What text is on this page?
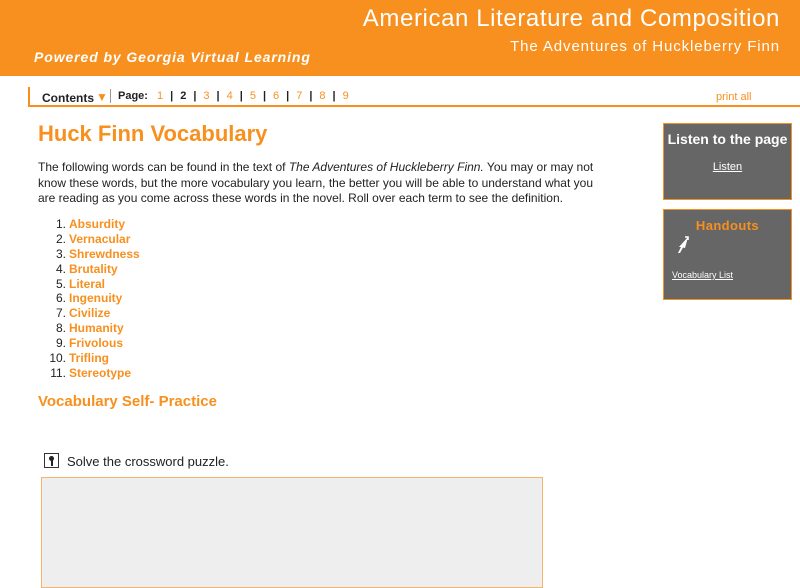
American Literature and Composition
The Adventures of Huckleberry Finn
Powered by Georgia Virtual Learning
Contents ▼ Page: 1 | 2 | 3 | 4 | 5 | 6 | 7 | 8 | 9	print all
Huck Finn Vocabulary

The following words can be found in the text of The Adventures of Huckleberry Finn. You may or may not know these words, but the more vocabulary you learn, the better you will be able to understand what you are reading as you come across these words in the novel. Roll over each term to see the definition.

1. Absurdity
2. Vernacular
3. Shrewdness
4. Brutality
5. Literal
6. Ingenuity
7. Civilize
8. Humanity
9. Frivolous
10. Trifling
11. Stereotype
Vocabulary Self- Practice
Solve the crossword puzzle.
Listen to the page
Listen
Handouts
Vocabulary List
